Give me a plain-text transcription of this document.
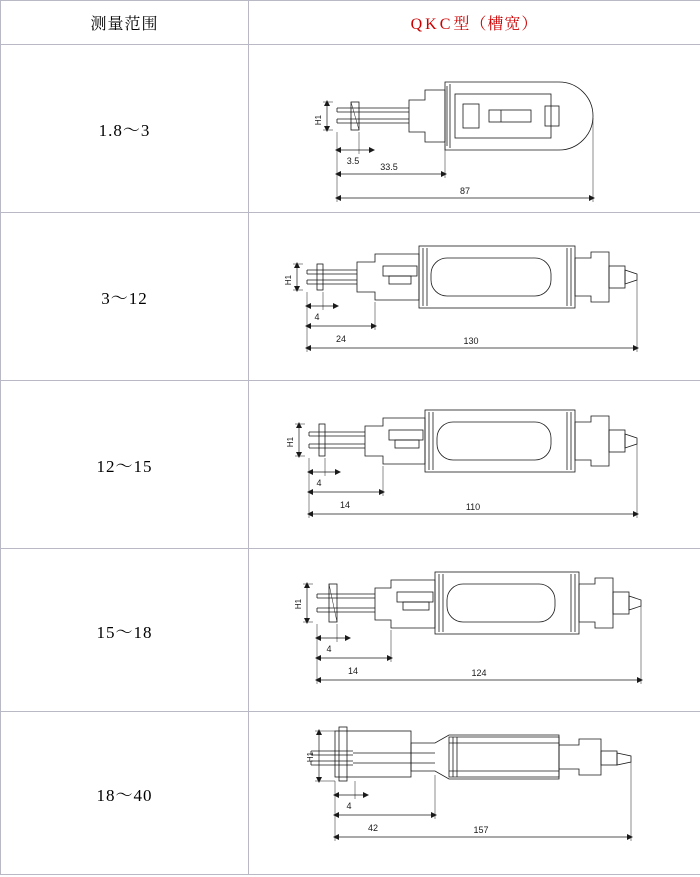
测量范围	QKC型（槽宽）
1.8～3	H1
3.5
33.5
87

3～12	H1
4
24 130

12～15	H1
4
14 110

15～18	H1
4
14 124

18～40	H1
4
42 157
